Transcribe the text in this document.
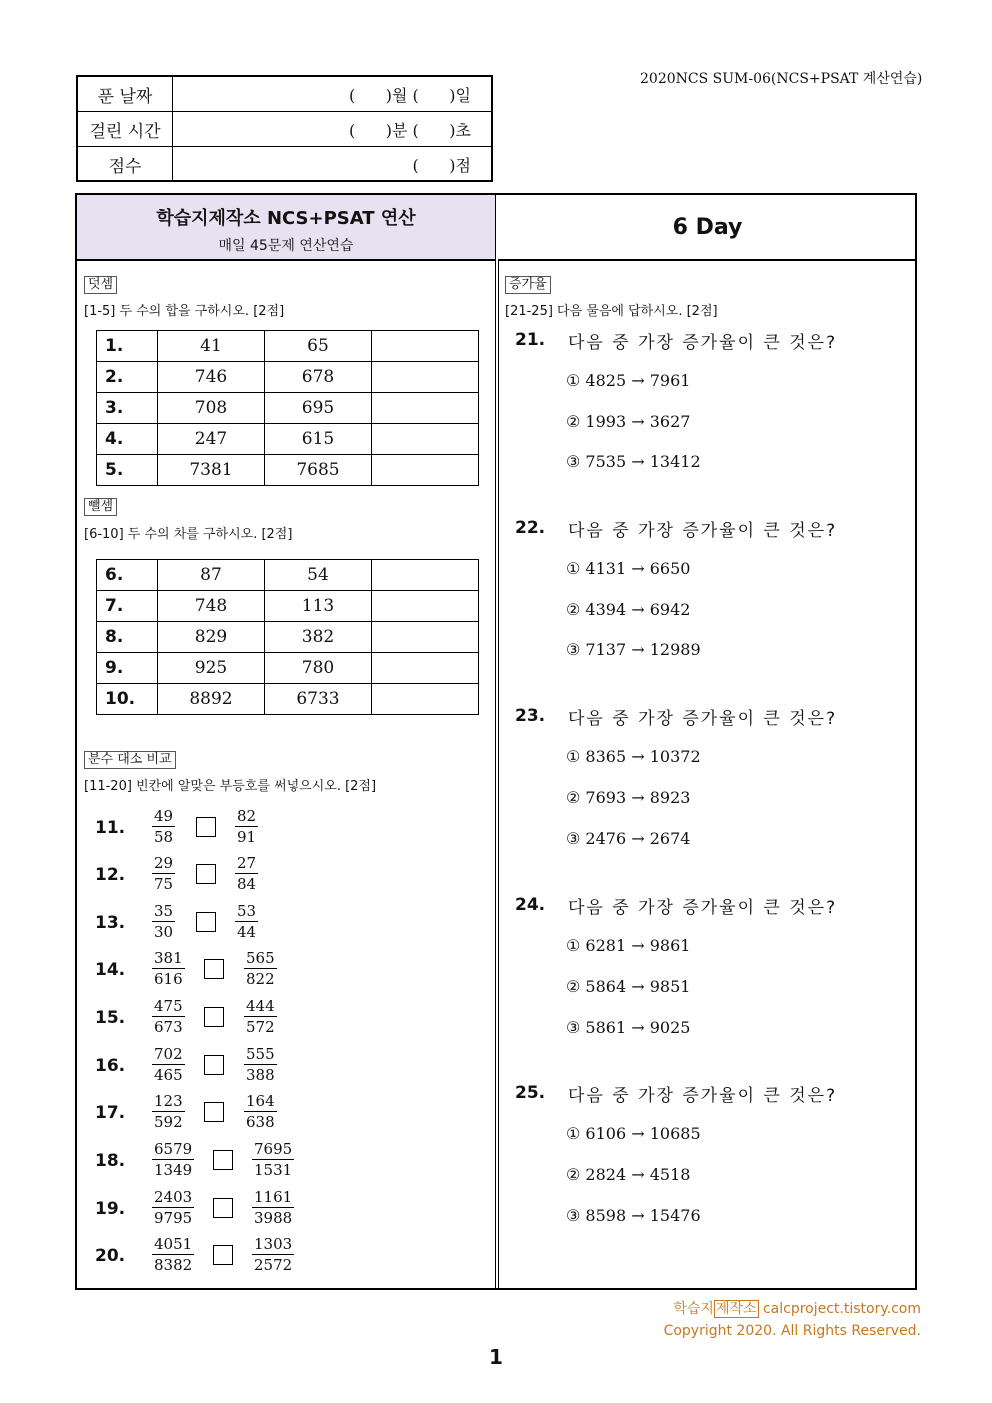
2020NCS SUM-06(NCS+PSAT 계산연습)
푼 날짜	(      )월 (      )일
걸린 시간	(      )분 (      )초
점수	(      )점
학습지제작소 NCS+PSAT 연산
매일 45문제 연산연습
6 Day
덧셈
[1-5] 두 수의 합을 구하시오. [2점]
1.	41	65	
2.	746	678	
3.	708	695	
4.	247	615	
5.	7381	7685	
뺄셈
[6-10] 두 수의 차를 구하시오. [2점]
6.	87	54	
7.	748	113	
8.	829	382	
9.	925	780	
10.	8892	6733	
분수 대소 비교
[11-20] 빈칸에 알맞은 부등호를 써넣으시오. [2점]
11. $\frac{49}{58}$	$\frac{82}{91}$
12. $\frac{29}{75}$	$\frac{27}{84}$
13. $\frac{35}{30}$	$\frac{53}{44}$
14. $\frac{381}{616}$	$\frac{565}{822}$
15. $\frac{475}{673}$	$\frac{444}{572}$
16. $\frac{702}{465}$	$\frac{555}{388}$
17. $\frac{123}{592}$	$\frac{164}{638}$
18. $\frac{6579}{1349}$	$\frac{7695}{1531}$
19. $\frac{2403}{9795}$	$\frac{1161}{3988}$
20. $\frac{4051}{8382}$	$\frac{1303}{2572}$
증가율
[21-25] 다음 물음에 답하시오. [2점]
21. 다음 중 가장 증가율이 큰 것은?
① 4825 → 7961
② 1993 → 3627
③ 7535 → 13412
22. 다음 중 가장 증가율이 큰 것은?
① 4131 → 6650
② 4394 → 6942
③ 7137 → 12989
23. 다음 중 가장 증가율이 큰 것은?
① 8365 → 10372
② 7693 → 8923
③ 2476 → 2674
24. 다음 중 가장 증가율이 큰 것은?
① 6281 → 9861
② 5864 → 9851
③ 5861 → 9025
25. 다음 중 가장 증가율이 큰 것은?
① 6106 → 10685
② 2824 → 4518
③ 8598 → 15476
학습지 제작소 calcproject.tistory.com
Copyright 2020. All Rights Reserved.
1
